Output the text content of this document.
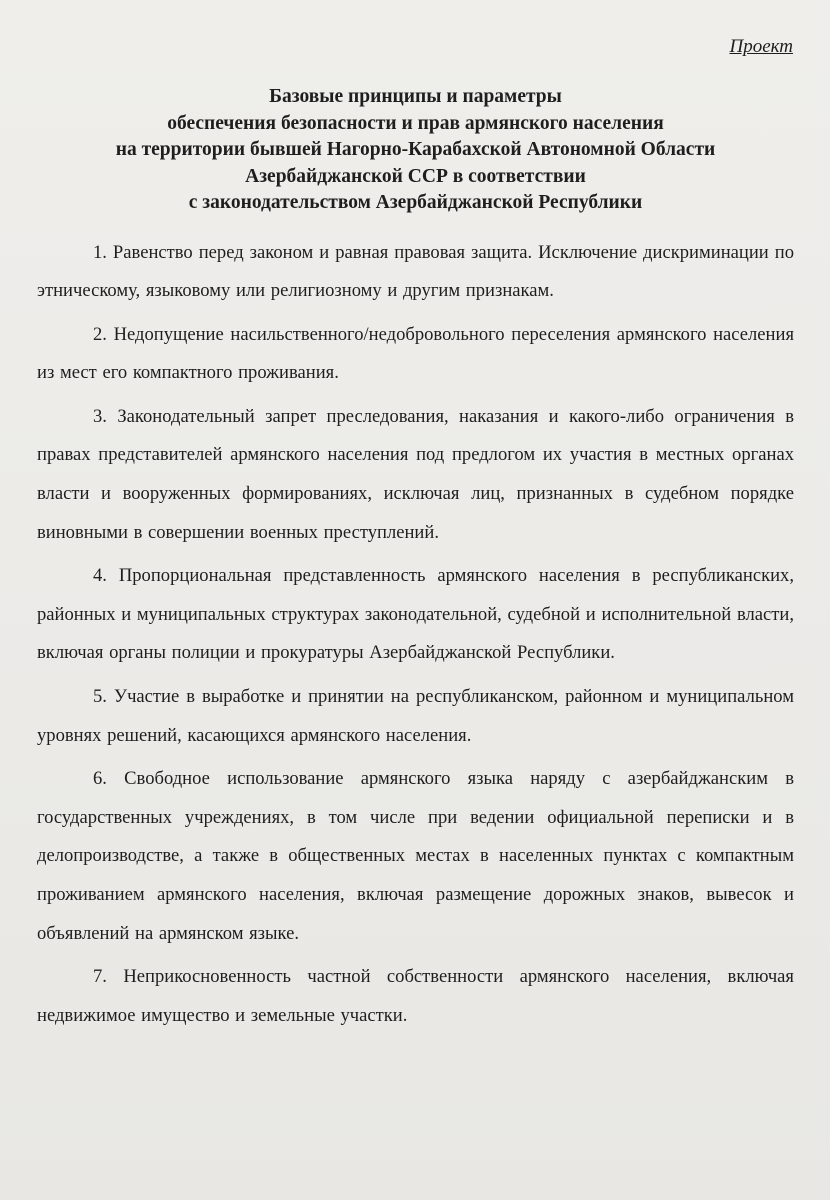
Проект
Базовые принципы и параметры
обеспечения безопасности и прав армянского населения
на территории бывшей Нагорно-Карабахской Автономной Области
Азербайджанской ССР в соответствии
с законодательством Азербайджанской Республики

1. Равенство перед законом и равная правовая защита. Исключение дискриминации по этническому, языковому или религиозному и другим признакам.

2. Недопущение насильственного/недобровольного переселения армянского населения из мест его компактного проживания.

3. Законодательный запрет преследования, наказания и какого-либо ограничения в правах представителей армянского населения под предлогом их участия в местных органах власти и вооруженных формированиях, исключая лиц, признанных в судебном порядке виновными в совершении военных преступлений.

4. Пропорциональная представленность армянского населения в республиканских, районных и муниципальных структурах законодательной, судебной и исполнительной власти, включая органы полиции и прокуратуры Азербайджанской Республики.

5. Участие в выработке и принятии на республиканском, районном и муниципальном уровнях решений, касающихся армянского населения.

6. Свободное использование армянского языка наряду с азербайджанским в государственных учреждениях, в том числе при ведении официальной переписки и в делопроизводстве, а также в общественных местах в населенных пунктах с компактным проживанием армянского населения, включая размещение дорожных знаков, вывесок и объявлений на армянском языке.

7. Неприкосновенность частной собственности армянского населения, включая недвижимое имущество и земельные участки.
